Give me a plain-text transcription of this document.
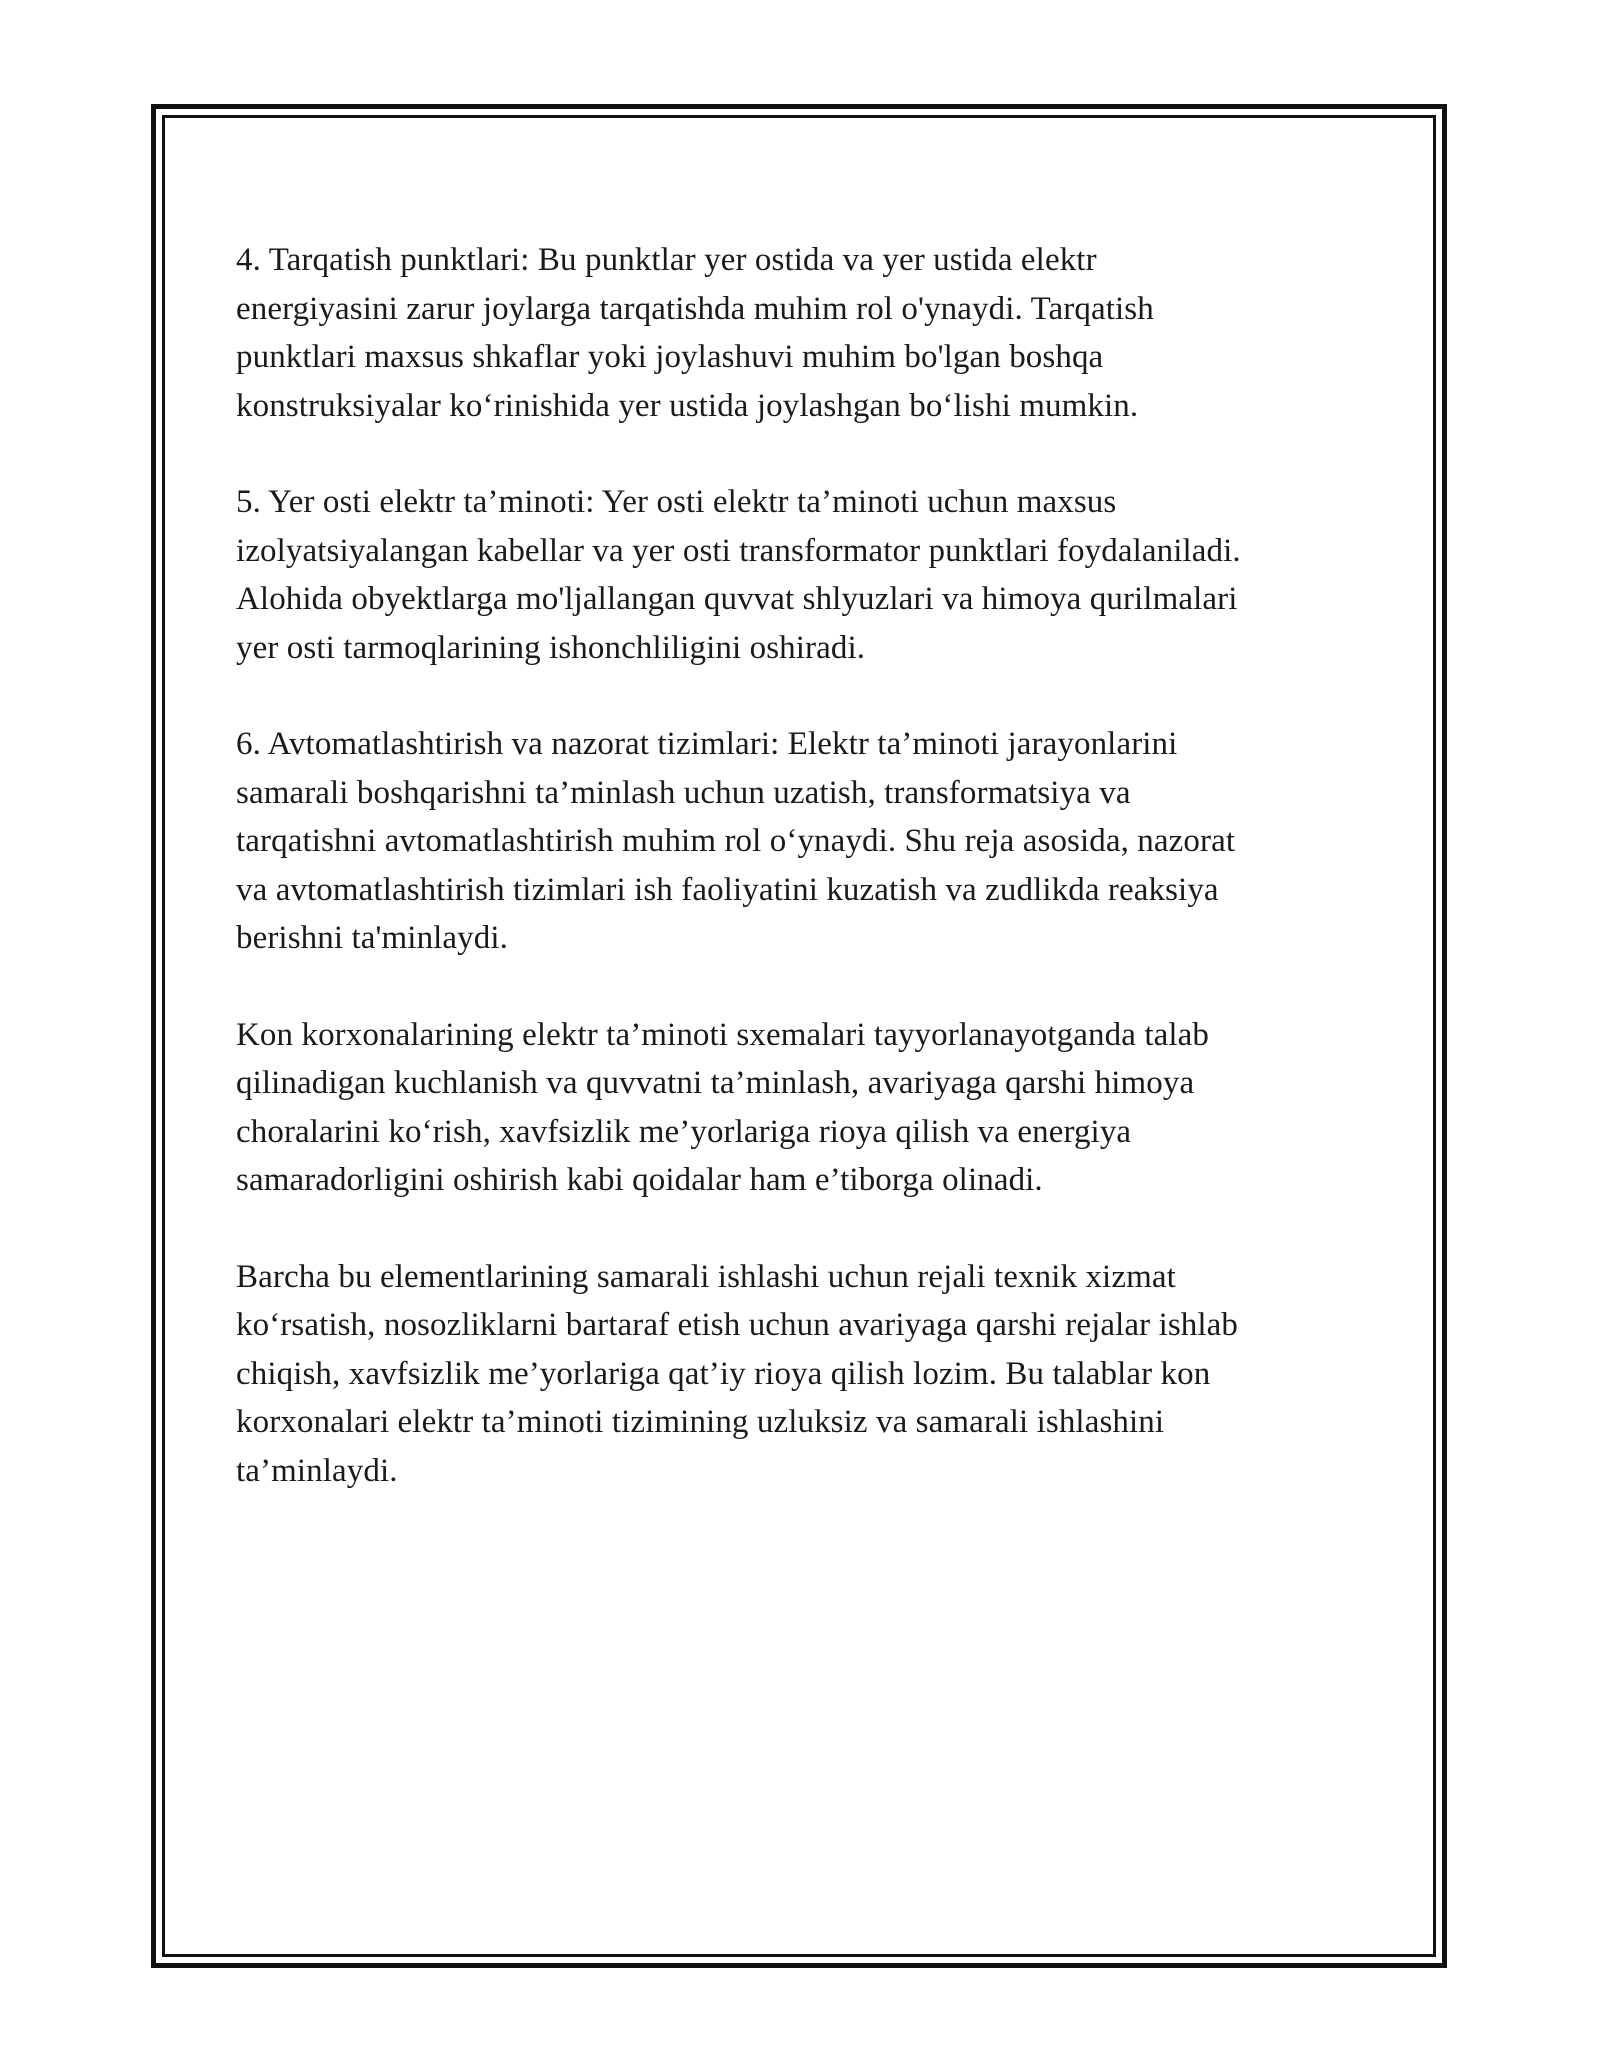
4. Tarqatish punktlari: Bu punktlar yer ostida va yer ustida elektr
energiyasini zarur joylarga tarqatishda muhim rol o'ynaydi. Tarqatish
punktlari maxsus shkaflar yoki joylashuvi muhim bo'lgan boshqa
konstruksiyalar ko‘rinishida yer ustida joylashgan bo‘lishi mumkin.

5. Yer osti elektr ta’minoti: Yer osti elektr ta’minoti uchun maxsus
izolyatsiyalangan kabellar va yer osti transformator punktlari foydalaniladi.
Alohida obyektlarga mo'ljallangan quvvat shlyuzlari va himoya qurilmalari
yer osti tarmoqlarining ishonchliligini oshiradi.

6. Avtomatlashtirish va nazorat tizimlari: Elektr ta’minoti jarayonlarini
samarali boshqarishni ta’minlash uchun uzatish, transformatsiya va
tarqatishni avtomatlashtirish muhim rol o‘ynaydi. Shu reja asosida, nazorat
va avtomatlashtirish tizimlari ish faoliyatini kuzatish va zudlikda reaksiya
berishni ta'minlaydi.

Kon korxonalarining elektr ta’minoti sxemalari tayyorlanayotganda talab
qilinadigan kuchlanish va quvvatni ta’minlash, avariyaga qarshi himoya
choralarini ko‘rish, xavfsizlik me’yorlariga rioya qilish va energiya
samaradorligini oshirish kabi qoidalar ham e’tiborga olinadi.

Barcha bu elementlarining samarali ishlashi uchun rejali texnik xizmat
ko‘rsatish, nosozliklarni bartaraf etish uchun avariyaga qarshi rejalar ishlab
chiqish, xavfsizlik me’yorlariga qat’iy rioya qilish lozim. Bu talablar kon
korxonalari elektr ta’minoti tizimining uzluksiz va samarali ishlashini
ta’minlaydi.
